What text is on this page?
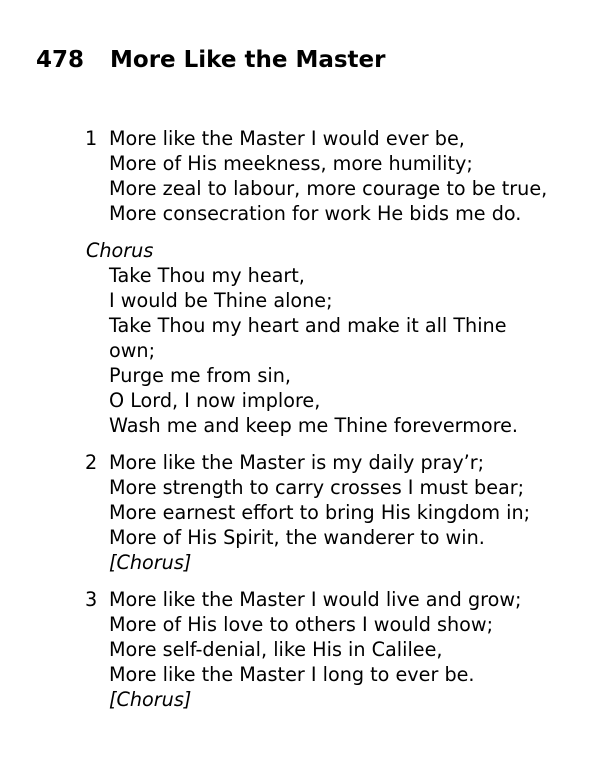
478 More Like the Master
1 More like the Master I would ever be,
More of His meekness, more humility;
More zeal to labour, more courage to be true,
More consecration for work He bids me do.
Chorus
Take Thou my heart,
I would be Thine alone;
Take Thou my heart and make it all Thine
own;
Purge me from sin,
O Lord, I now implore,
Wash me and keep me Thine forevermore.
2 More like the Master is my daily pray’r;
More strength to carry crosses I must bear;
More earnest effort to bring His kingdom in;
More of His Spirit, the wanderer to win.
[Chorus]
3 More like the Master I would live and grow;
More of His love to others I would show;
More self-denial, like His in Calilee,
More like the Master I long to ever be.
[Chorus]
